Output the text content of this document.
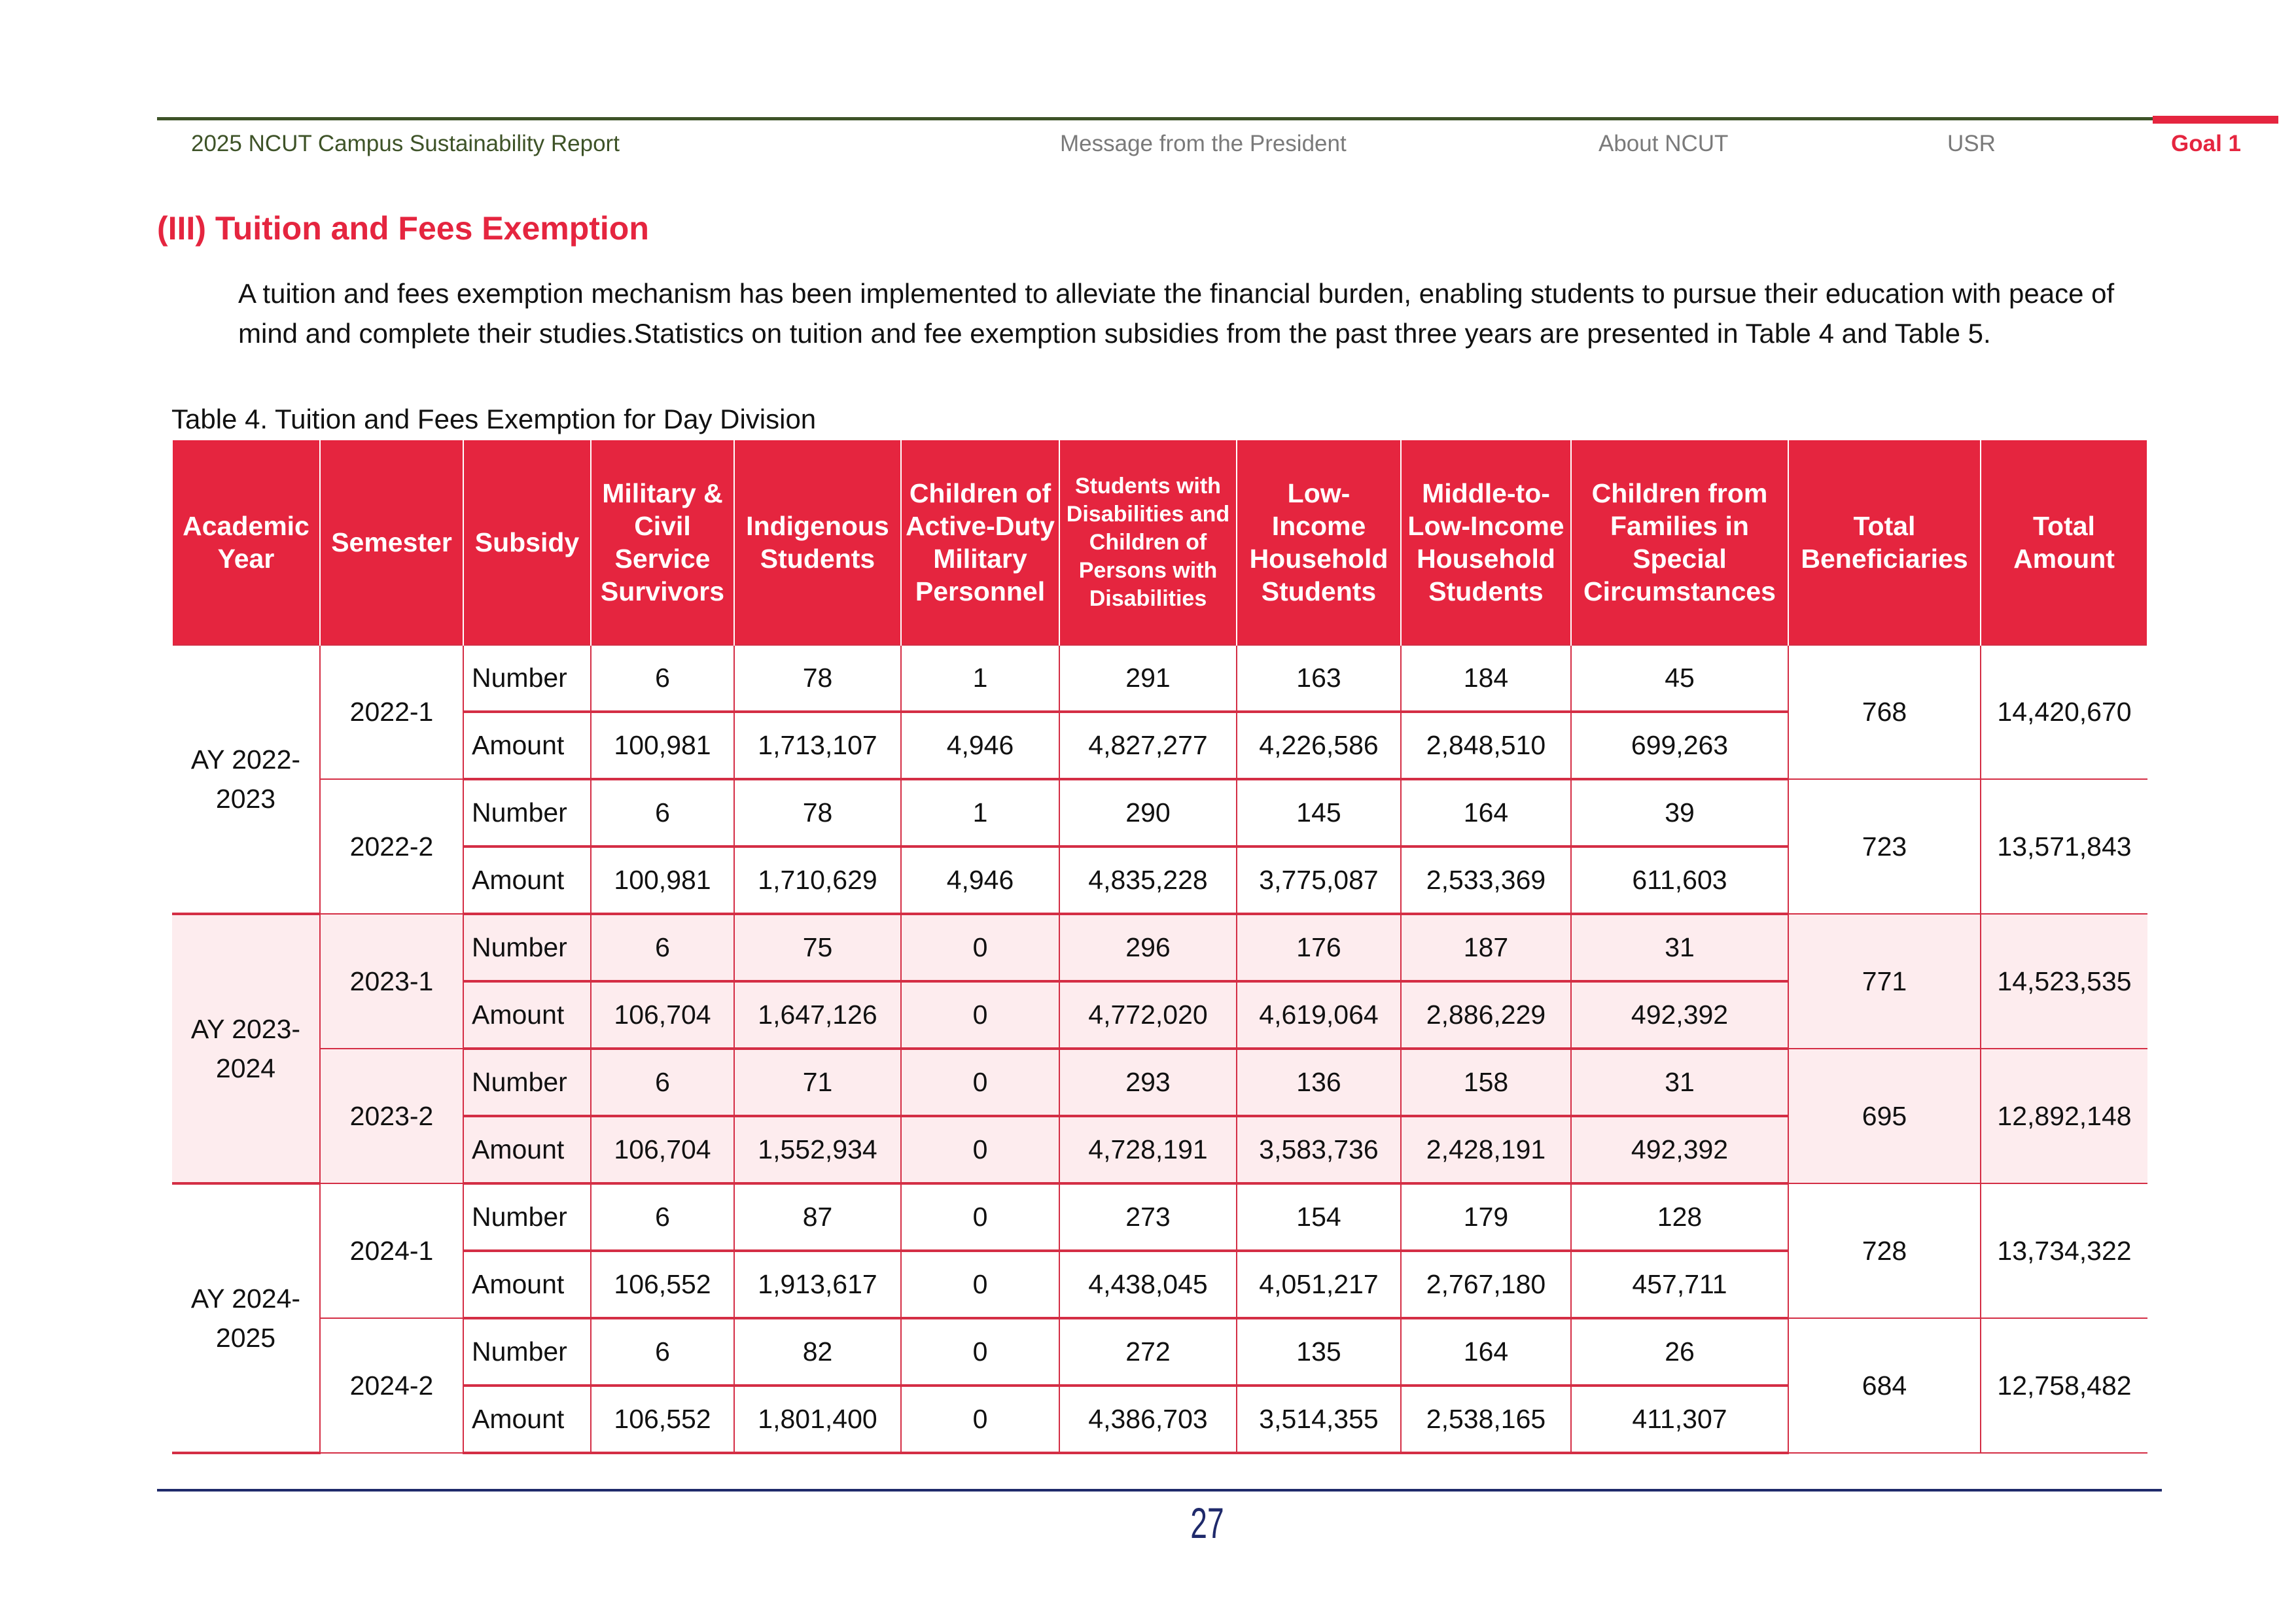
2025 NCUT Campus Sustainability Report	Message from the President	About NCUT	USR	Goal 1
(III) Tuition and Fees Exemption
A tuition and fees exemption mechanism has been implemented to alleviate the financial burden, enabling students to pursue their education with peace of mind and complete their studies.Statistics on tuition and fee exemption subsidies from the past three years are presented in Table 4 and Table 5.
Table 4. Tuition and Fees Exemption for Day Division
Academic Year	Semester	Subsidy	Military & Civil Service Survivors	Indigenous Students	Children of Active-Duty Military Personnel	Students with Disabilities and Children of Persons with Disabilities	Low-Income Household Students	Middle-to-Low-Income Household Students	Children from Families in Special Circumstances	Total Beneficiaries	Total Amount
AY 2022-2023	2022-1	Number	6	78	1	291	163	184	45	768	14,420,670
		Amount	100,981	1,713,107	4,946	4,827,277	4,226,586	2,848,510	699,263		
	2022-2	Number	6	78	1	290	145	164	39	723	13,571,843
		Amount	100,981	1,710,629	4,946	4,835,228	3,775,087	2,533,369	611,603		
AY 2023-2024	2023-1	Number	6	75	0	296	176	187	31	771	14,523,535
		Amount	106,704	1,647,126	0	4,772,020	4,619,064	2,886,229	492,392		
	2023-2	Number	6	71	0	293	136	158	31	695	12,892,148
		Amount	106,704	1,552,934	0	4,728,191	3,583,736	2,428,191	492,392		
AY 2024-2025	2024-1	Number	6	87	0	273	154	179	128	728	13,734,322
		Amount	106,552	1,913,617	0	4,438,045	4,051,217	2,767,180	457,711		
	2024-2	Number	6	82	0	272	135	164	26	684	12,758,482
		Amount	106,552	1,801,400	0	4,386,703	3,514,355	2,538,165	411,307		
27
